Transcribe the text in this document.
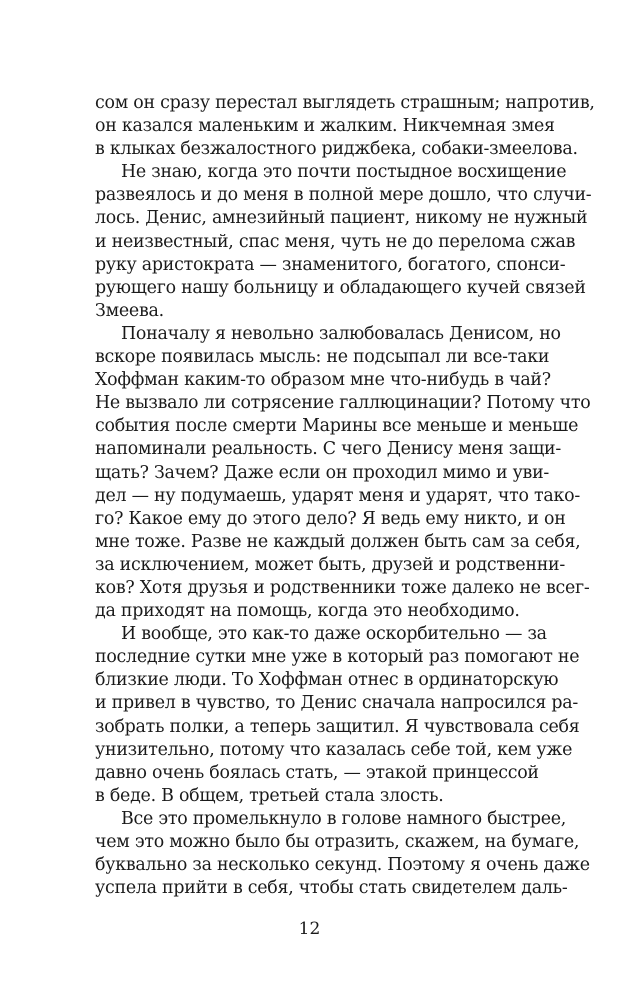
сом он сразу перестал выглядеть страшным; напротив,
он казался маленьким и жалким. Никчемная змея
в клыках безжалостного риджбека, собаки-змеелова.
Не знаю, когда это почти постыдное восхищение
развеялось и до меня в полной мере дошло, что случи-
лось. Денис, амнезийный пациент, никому не нужный
и неизвестный, спас меня, чуть не до перелома сжав
руку аристократа — знаменитого, богатого, спонси-
рующего нашу больницу и обладающего кучей связей
Змеева.
Поначалу я невольно залюбовалась Денисом, но
вскоре появилась мысль: не подсыпал ли все-таки
Хоффман каким-то образом мне что-нибудь в чай?
Не вызвало ли сотрясение галлюцинации? Потому что
события после смерти Марины все меньше и меньше
напоминали реальность. С чего Денису меня защи-
щать? Зачем? Даже если он проходил мимо и уви-
дел — ну подумаешь, ударят меня и ударят, что тако-
го? Какое ему до этого дело? Я ведь ему никто, и он
мне тоже. Разве не каждый должен быть сам за себя,
за исключением, может быть, друзей и родственни-
ков? Хотя друзья и родственники тоже далеко не всег-
да приходят на помощь, когда это необходимо.
И вообще, это как-то даже оскорбительно — за
последние сутки мне уже в который раз помогают не
близкие люди. То Хоффман отнес в ординаторскую
и привел в чувство, то Денис сначала напросился ра-
зобрать полки, а теперь защитил. Я чувствовала себя
унизительно, потому что казалась себе той, кем уже
давно очень боялась стать, — этакой принцессой
в беде. В общем, третьей стала злость.
Все это промелькнуло в голове намного быстрее,
чем это можно было бы отразить, скажем, на бумаге,
буквально за несколько секунд. Поэтому я очень даже
успела прийти в себя, чтобы стать свидетелем даль-
12
